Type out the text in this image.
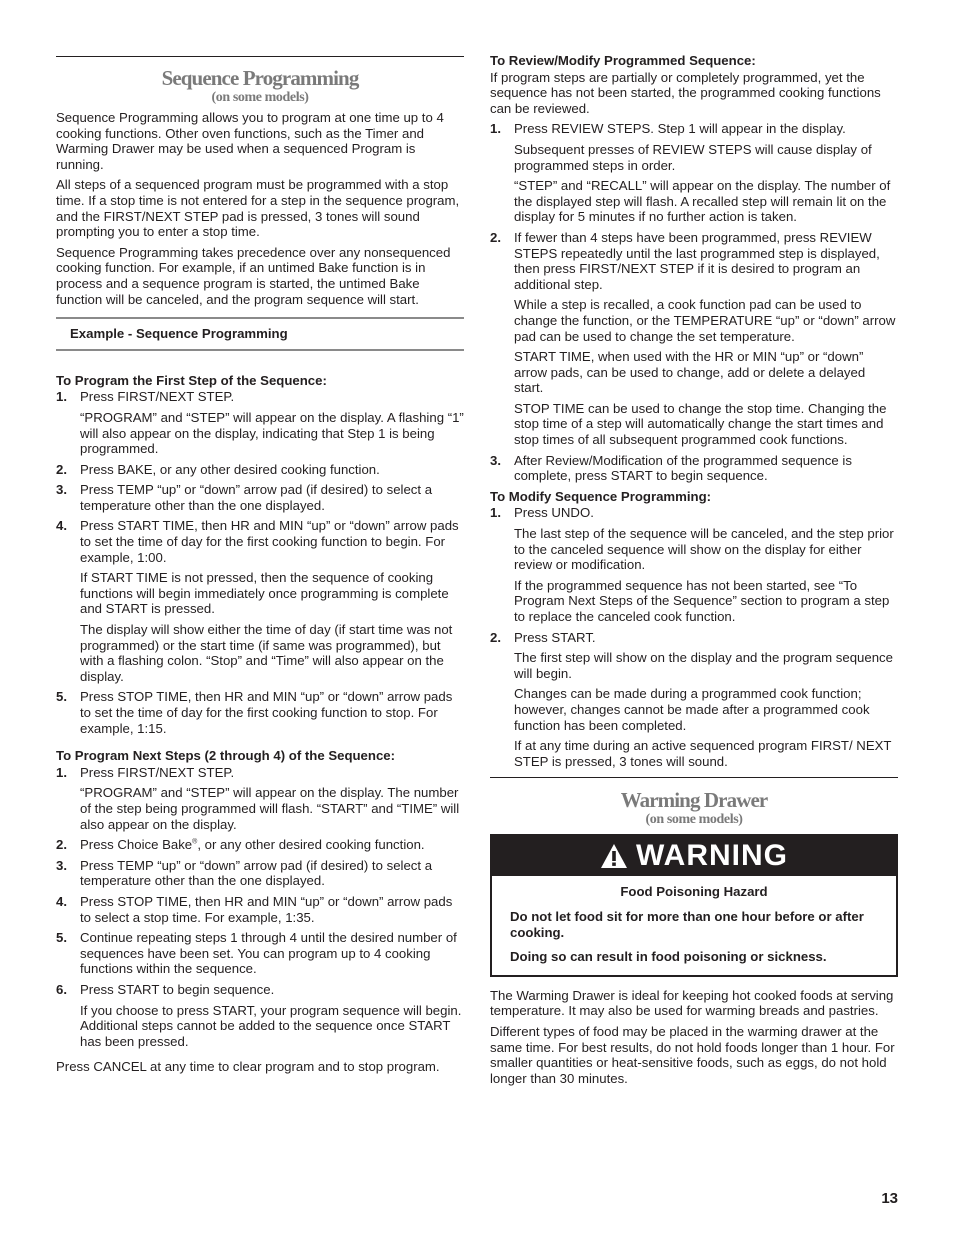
Sequence Programming
(on some models)

Sequence Programming allows you to program at one time up to 4 cooking functions. Other oven functions, such as the Timer and Warming Drawer may be used when a sequenced Program is running.

All steps of a sequenced program must be programmed with a stop time. If a stop time is not entered for a step in the sequence program, and the FIRST/NEXT STEP pad is pressed, 3 tones will sound prompting you to enter a stop time.

Sequence Programming takes precedence over any nonsequenced cooking function. For example, if an untimed Bake function is in process and a sequence program is started, the untimed Bake function will be canceled, and the program sequence will start.

Example - Sequence Programming
To Program the First Step of the Sequence:
1. Press FIRST/NEXT STEP.

“PROGRAM” and “STEP” will appear on the display. A flashing “1” will also appear on the display, indicating that Step 1 is being programmed.

2. Press BAKE, or any other desired cooking function.
3. Press TEMP “up” or “down” arrow pad (if desired) to select a temperature other than the one displayed.
4. Press START TIME, then HR and MIN “up” or “down” arrow pads to set the time of day for the first cooking function to begin. For example, 1:00.

If START TIME is not pressed, then the sequence of cooking functions will begin immediately once programming is complete and START is pressed.

The display will show either the time of day (if start time was not programmed) or the start time (if same was programmed), but with a flashing colon. “Stop” and “Time” will also appear on the display.

5. Press STOP TIME, then HR and MIN “up” or “down” arrow pads to set the time of day for the first cooking function to stop. For example, 1:15.
To Program Next Steps (2 through 4) of the Sequence:
1. Press FIRST/NEXT STEP.

“PROGRAM” and “STEP” will appear on the display. The number of the step being programmed will flash. “START” and “TIME” will also appear on the display.

2. Press Choice Bake®, or any other desired cooking function.
3. Press TEMP “up” or “down” arrow pad (if desired) to select a temperature other than the one displayed.
4. Press STOP TIME, then HR and MIN “up” or “down” arrow pads to select a stop time. For example, 1:35.
5. Continue repeating steps 1 through 4 until the desired number of sequences have been set. You can program up to 4 cooking functions within the sequence.
6. Press START to begin sequence.

If you choose to press START, your program sequence will begin. Additional steps cannot be added to the sequence once START has been pressed.

Press CANCEL at any time to clear program and to stop program.

To Review/Modify Programmed Sequence:

If program steps are partially or completely programmed, yet the sequence has not been started, the programmed cooking functions can be reviewed.

1. Press REVIEW STEPS. Step 1 will appear in the display.

Subsequent presses of REVIEW STEPS will cause display of programmed steps in order.

“STEP” and “RECALL” will appear on the display. The number of the displayed step will flash. A recalled step will remain lit on the display for 5 minutes if no further action is taken.

2. If fewer than 4 steps have been programmed, press REVIEW STEPS repeatedly until the last programmed step is displayed, then press FIRST/NEXT STEP if it is desired to program an additional step.

While a step is recalled, a cook function pad can be used to change the function, or the TEMPERATURE “up” or “down” arrow pad can be used to change the set temperature.

START TIME, when used with the HR or MIN “up” or “down” arrow pads, can be used to change, add or delete a delayed start.

STOP TIME can be used to change the stop time. Changing the stop time of a step will automatically change the start times and stop times of all subsequent programmed cook functions.

3. After Review/Modification of the programmed sequence is complete, press START to begin sequence.
To Modify Sequence Programming:
1. Press UNDO.

The last step of the sequence will be canceled, and the step prior to the canceled sequence will show on the display for either review or modification.

If the programmed sequence has not been started, see “To Program Next Steps of the Sequence” section to program a step to replace the canceled cook function.

2. Press START.

The first step will show on the display and the program sequence will begin.

Changes can be made during a programmed cook function; however, changes cannot be made after a programmed cook function has been completed.

If at any time during an active sequenced program FIRST/ NEXT STEP is pressed, 3 tones will sound.

Warming Drawer
(on some models)
WARNING

Food Poisoning Hazard

Do not let food sit for more than one hour before or after cooking.

Doing so can result in food poisoning or sickness.

The Warming Drawer is ideal for keeping hot cooked foods at serving temperature. It may also be used for warming breads and pastries.

Different types of food may be placed in the warming drawer at the same time. For best results, do not hold foods longer than 1 hour. For smaller quantities or heat-sensitive foods, such as eggs, do not hold longer than 30 minutes.

13
